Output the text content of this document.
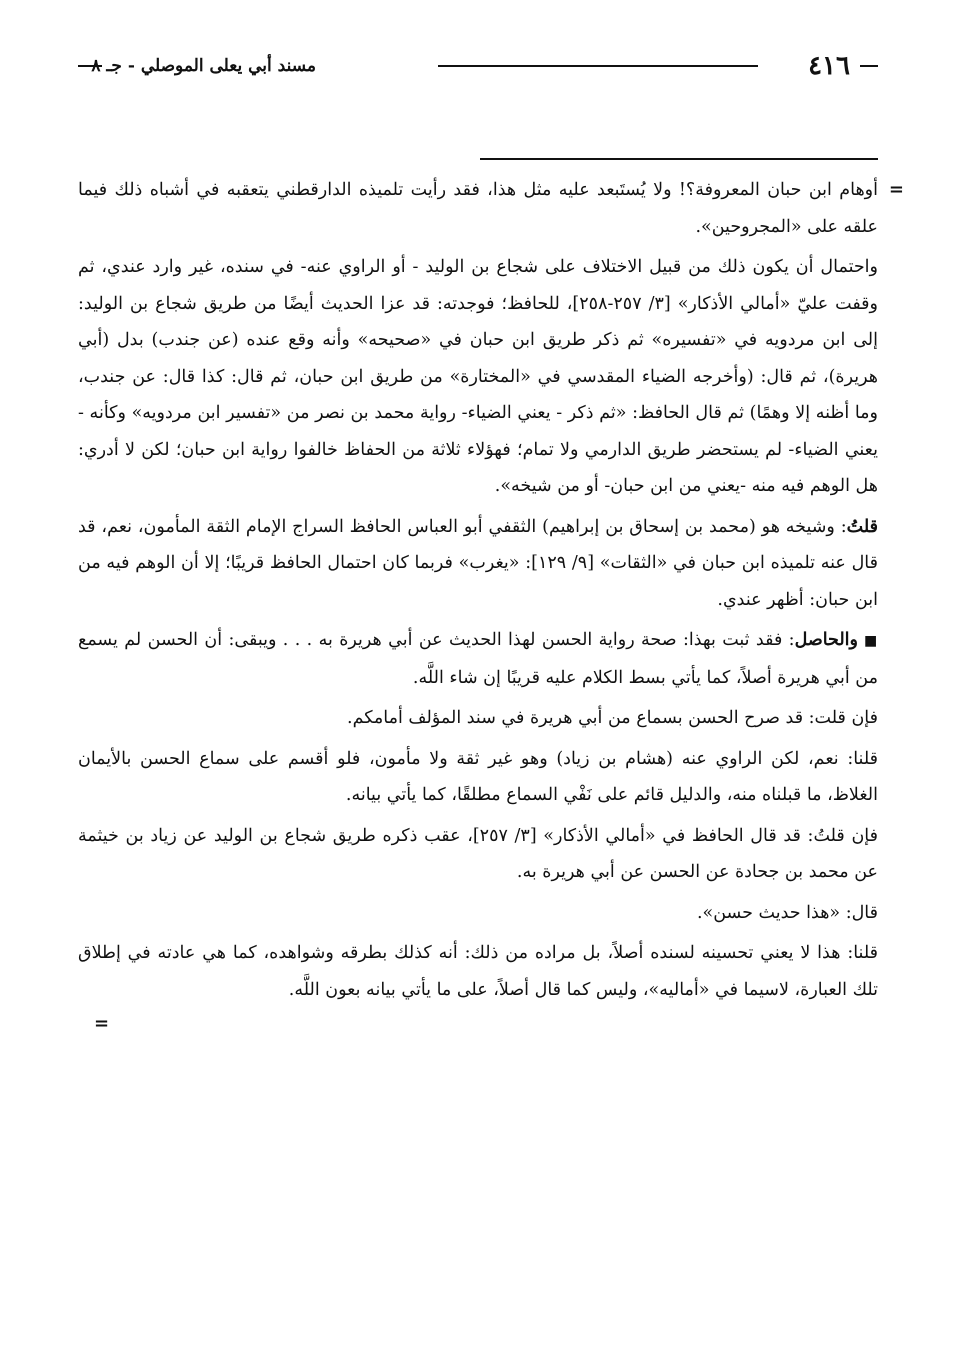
٤١٦
مسند أبي يعلى الموصلي - جـ ٨
=

أوهام ابن حبان المعروفة؟! ولا يُستَبعد عليه مثل هذا، فقد رأيت تلميذه الدارقطني يتعقبه في أشباه ذلك فيما علقه على «المجروحين».

واحتمال أن يكون ذلك من قبيل الاختلاف على شجاع بن الوليد - أو الراوي عنه- في سنده، غير وارد عندي، ثم وقفت عليّ «أمالي الأذكار» [٣/ ٢٥٧-٢٥٨]، للحافظ؛ فوجدته: قد عزا الحديث أيضًا من طريق شجاع بن الوليد: إلى ابن مردويه في «تفسيره» ثم ذكر طريق ابن حبان في «صحيحه» وأنه وقع عنده (عن جندب) بدل (أبي هريرة)، ثم قال: (وأخرجه الضياء المقدسي في «المختارة» من طريق ابن حبان، ثم قال: كذا قال: عن جندب، وما أظنه إلا وهمًا) ثم قال الحافظ: «ثم ذكر - يعني الضياء- رواية محمد بن نصر من «تفسير ابن مردويه» وكأنه - يعني الضياء- لم يستحضر طريق الدارمي ولا تمام؛ فهؤلاء ثلاثة من الحفاظ خالفوا رواية ابن حبان؛ لكن لا أدري: هل الوهم فيه منه -يعني من ابن حبان- أو من شيخه».

قلتُ: وشيخه هو (محمد بن إسحاق بن إبراهيم) الثقفي أبو العباس الحافظ السراج الإمام الثقة المأمون، نعم، قد قال عنه تلميذه ابن حبان في «الثقات» [٩/ ١٢٩]: «يغرب» فربما كان احتمال الحافظ قريبًا؛ إلا أن الوهم فيه من ابن حبان: أظهر عندي.

■والحاصل: فقد ثبت بهذا: صحة رواية الحسن لهذا الحديث عن أبي هريرة به . . . ويبقى: أن الحسن لم يسمع من أبي هريرة أصلاً، كما يأتي بسط الكلام عليه قريبًا إن شاء اللَّه.

فإن قلت: قد صرح الحسن بسماع من أبي هريرة في سند المؤلف أمامكم.

قلنا: نعم، لكن الراوي عنه (هشام بن زياد) وهو غير ثقة ولا مأمون، فلو أقسم على سماع الحسن بالأيمان الغلاظ، ما قبلناه منه، والدليل قائم على نَفْي السماع مطلقًا، كما يأتي بيانه.

فإن قلتُ: قد قال الحافظ في «أمالي الأذكار» [٣/ ٢٥٧]، عقب ذكره طريق شجاع بن الوليد عن زياد بن خيثمة عن محمد بن جحادة عن الحسن عن أبي هريرة به.

قال: «هذا حديث حسن».

قلنا: هذا لا يعني تحسينه لسنده أصلاً، بل مراده من ذلك: أنه كذلك بطرقه وشواهده، كما هي عادته في إطلاق تلك العبارة، لاسيما في «أماليه»، وليس كما قال أصلاً، على ما يأتي بيانه بعون اللَّه.

=
